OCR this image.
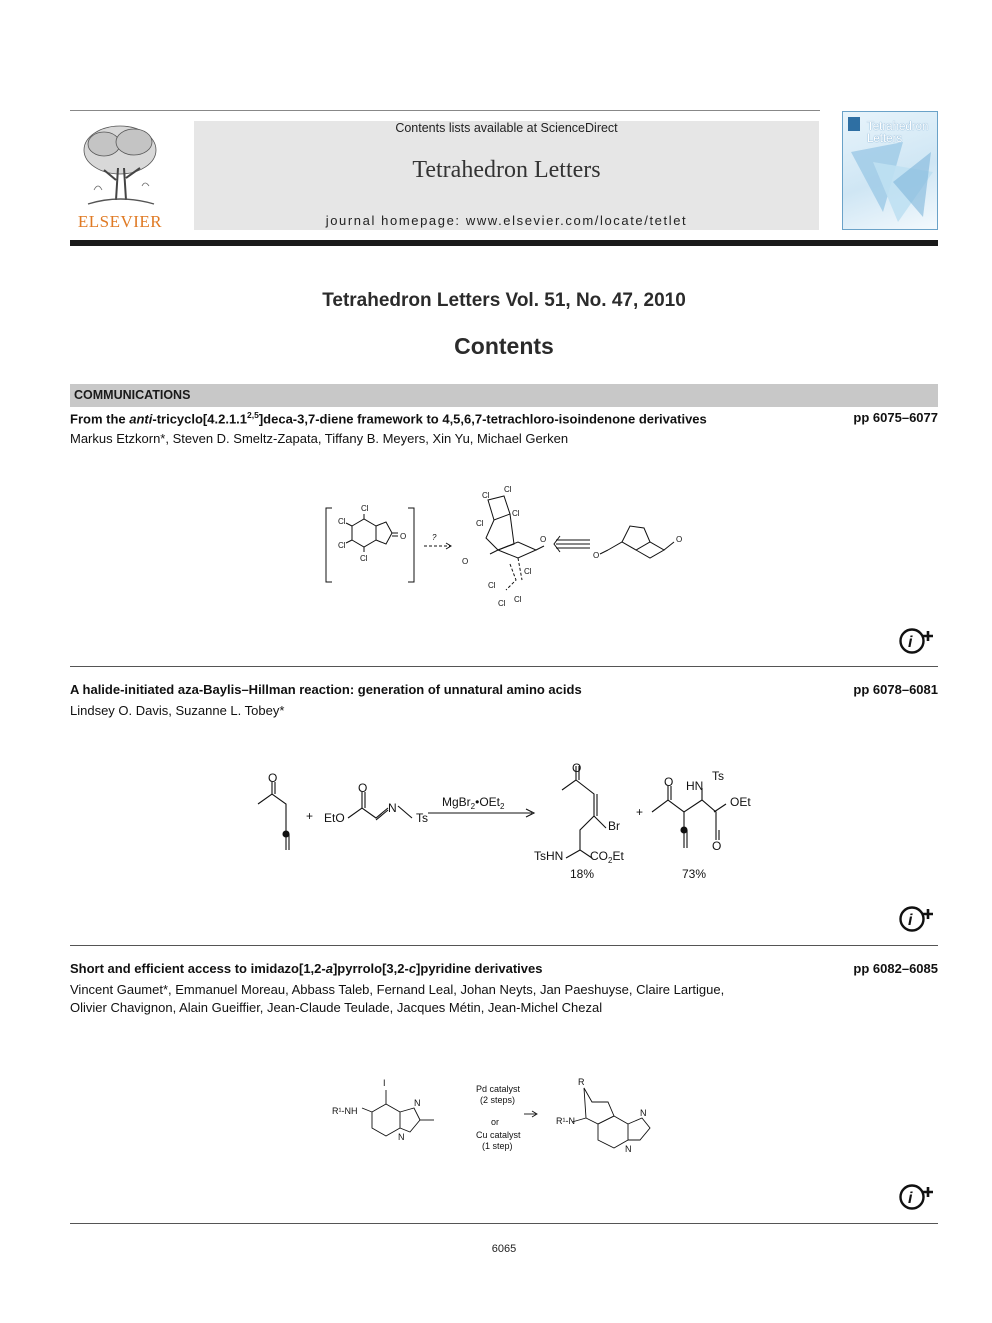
ELSEVIER
Contents lists available at ScienceDirect
Tetrahedron Letters
journal homepage: www.elsevier.com/locate/tetlet
Tetrahedron
Letters
Tetrahedron Letters Vol. 51, No. 47, 2010
Contents
COMMUNICATIONS
From the anti-tricyclo[4.2.1.1$^{2,5}$]deca-3,7-diene framework to 4,5,6,7-tetrachloro-isoindenone derivatives	pp 6075–6077
Markus Etzkorn*, Steven D. Smeltz-Zapata, Tiffany B. Meyers, Xin Yu, Michael Gerken
Cl
Cl
Cl
Cl
O	?
Cl
Cl
Cl
Cl
O
O
Cl
Cl
Cl Cl
O
O
i
A halide-initiated aza-Baylis–Hillman reaction: generation of unnatural amino acids	pp 6078–6081
Lindsey O. Davis, Suzanne L. Tobey*
O
+ EtO
O
N
Ts
MgBr$_2$•OEt$_2$
O
Br
TsHN $CO_2Et$
18%
+
O HN
Ts
OEt
O
73%
i
Short and efficient access to imidazo[1,2-a]pyrrolo[3,2-c]pyridine derivatives	pp 6082–6085
Vincent Gaumet*, Emmanuel Moreau, Abbass Taleb, Fernand Leal, Johan Neyts, Jan Paeshuyse, Claire Lartigue,
Olivier Chavignon, Alain Gueiffier, Jean-Claude Teulade, Jacques Métin, Jean-Michel Chezal
R¹-NH
I
N
N
Pd catalyst
(2 steps)
or
Cu catalyst
(1 step)
R
R¹-N
N
N
i
6065
